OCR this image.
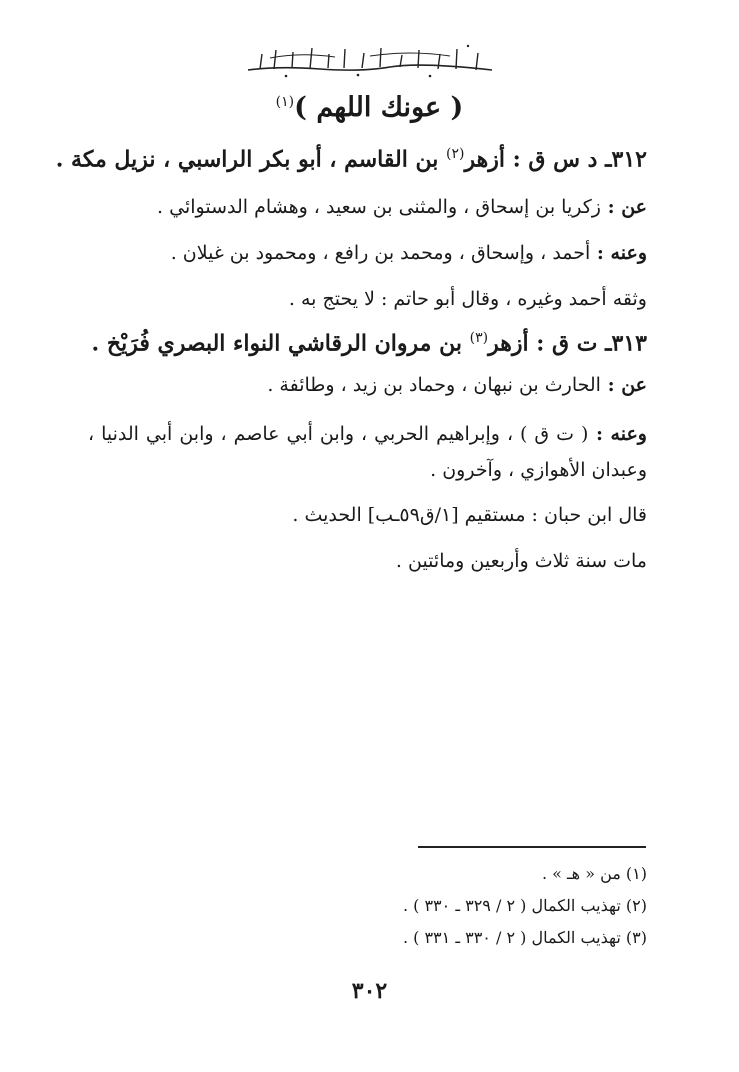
( عونك اللهم )$^{(١)}$
٣١٢ـ د س ق : أزهر$^{(٢)}$ بن القاسم ، أبو بكر الراسبي ، نزيل مكة .
عن : زكريا بن إسحاق ، والمثنى بن سعيد ، وهشام الدستوائي .
وعنه : أحمد ، وإسحاق ، ومحمد بن رافع ، ومحمود بن غيلان .
وثقه أحمد وغيره ، وقال أبو حاتم : لا يحتج به .
٣١٣ـ ت ق : أزهر$^{(٣)}$ بن مروان الرقاشي النواء البصري فُرَيْخ .
عن : الحارث بن نبهان ، وحماد بن زيد ، وطائفة .
وعنه : ( ت ق ) ، وإبراهيم الحربي ، وابن أبي عاصم ، وابن أبي الدنيا ، وعبدان الأهوازي ، وآخرون .
قال ابن حبان : مستقيم [١/ق٥٩ـب] الحديث .
مات سنة ثلاث وأربعين ومائتين .
(١) من « هـ » .
(٢) تهذيب الكمال ( ٢ / ٣٢٩ ـ ٣٣٠ ) .
(٣) تهذيب الكمال ( ٢ / ٣٣٠ ـ ٣٣١ ) .
٣٠٢
